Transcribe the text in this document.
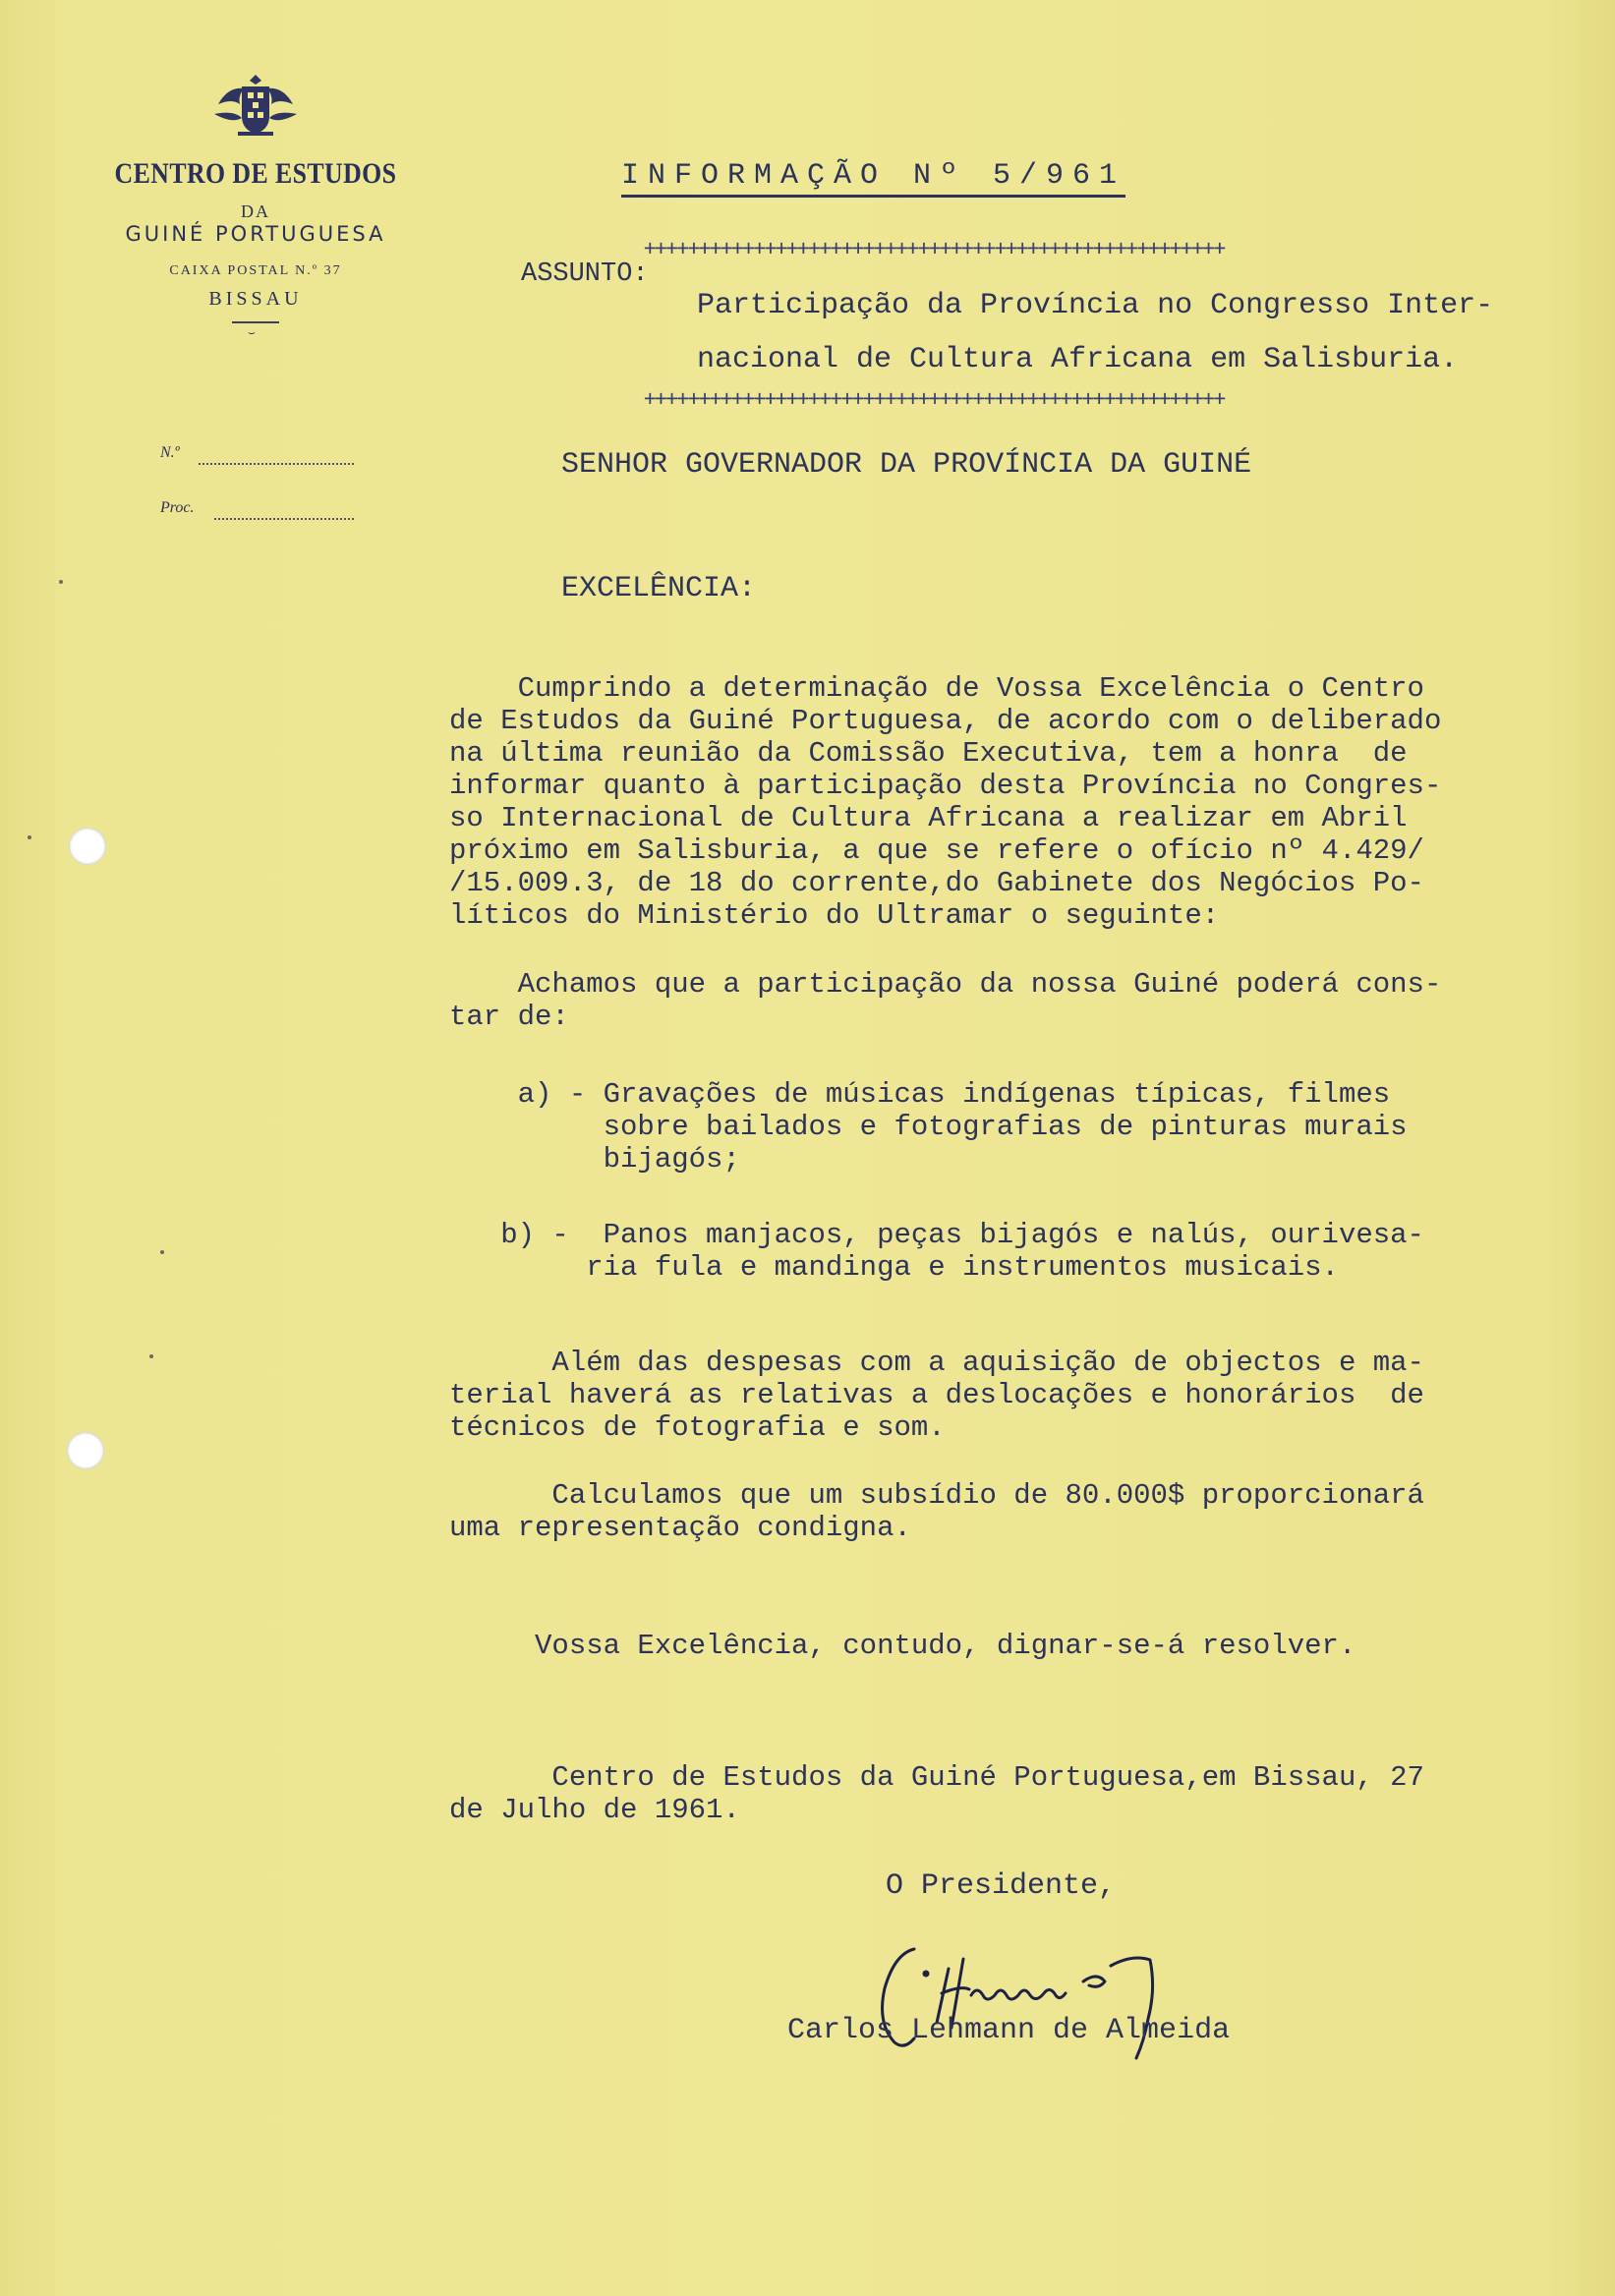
CENTRO DE ESTUDOS
DA
GUINÉ PORTUGUESA
CAIXA POSTAL N.º 37
BISSAU
⌣
N.º
Proc.
INFORMAÇÃO Nº 5/961
+++++++++++++++++++++++++++++++++++++++++++++++++++++
ASSUNTO:
Participação da Província no Congresso Inter-
nacional de Cultura Africana em Salisburia.
+++++++++++++++++++++++++++++++++++++++++++++++++++++
SENHOR GOVERNADOR DA PROVÍNCIA DA GUINÉ
EXCELÊNCIA:
Cumprindo a determinação de Vossa Excelência o Centro
de Estudos da Guiné Portuguesa, de acordo com o deliberado
na última reunião da Comissão Executiva, tem a honra  de
informar quanto à participação desta Província no Congres-
so Internacional de Cultura Africana a realizar em Abril
próximo em Salisburia, a que se refere o ofício nº 4.429/
/15.009.3, de 18 do corrente,do Gabinete dos Negócios Po-
líticos do Ministério do Ultramar o seguinte:
Achamos que a participação da nossa Guiné poderá cons-
tar de:
a) - Gravações de músicas indígenas típicas, filmes
sobre bailados e fotografias de pinturas murais
bijagós;
b) -  Panos manjacos, peças bijagós e nalús, ourivesa-
ria fula e mandinga e instrumentos musicais.
Além das despesas com a aquisição de objectos e ma-
terial haverá as relativas a deslocações e honorários  de
técnicos de fotografia e som.
Calculamos que um subsídio de 80.000$ proporcionará
uma representação condigna.
Vossa Excelência, contudo, dignar-se-á resolver.
Centro de Estudos da Guiné Portuguesa,em Bissau, 27
de Julho de 1961.
O Presidente,
Carlos Lehmann de Almeida
